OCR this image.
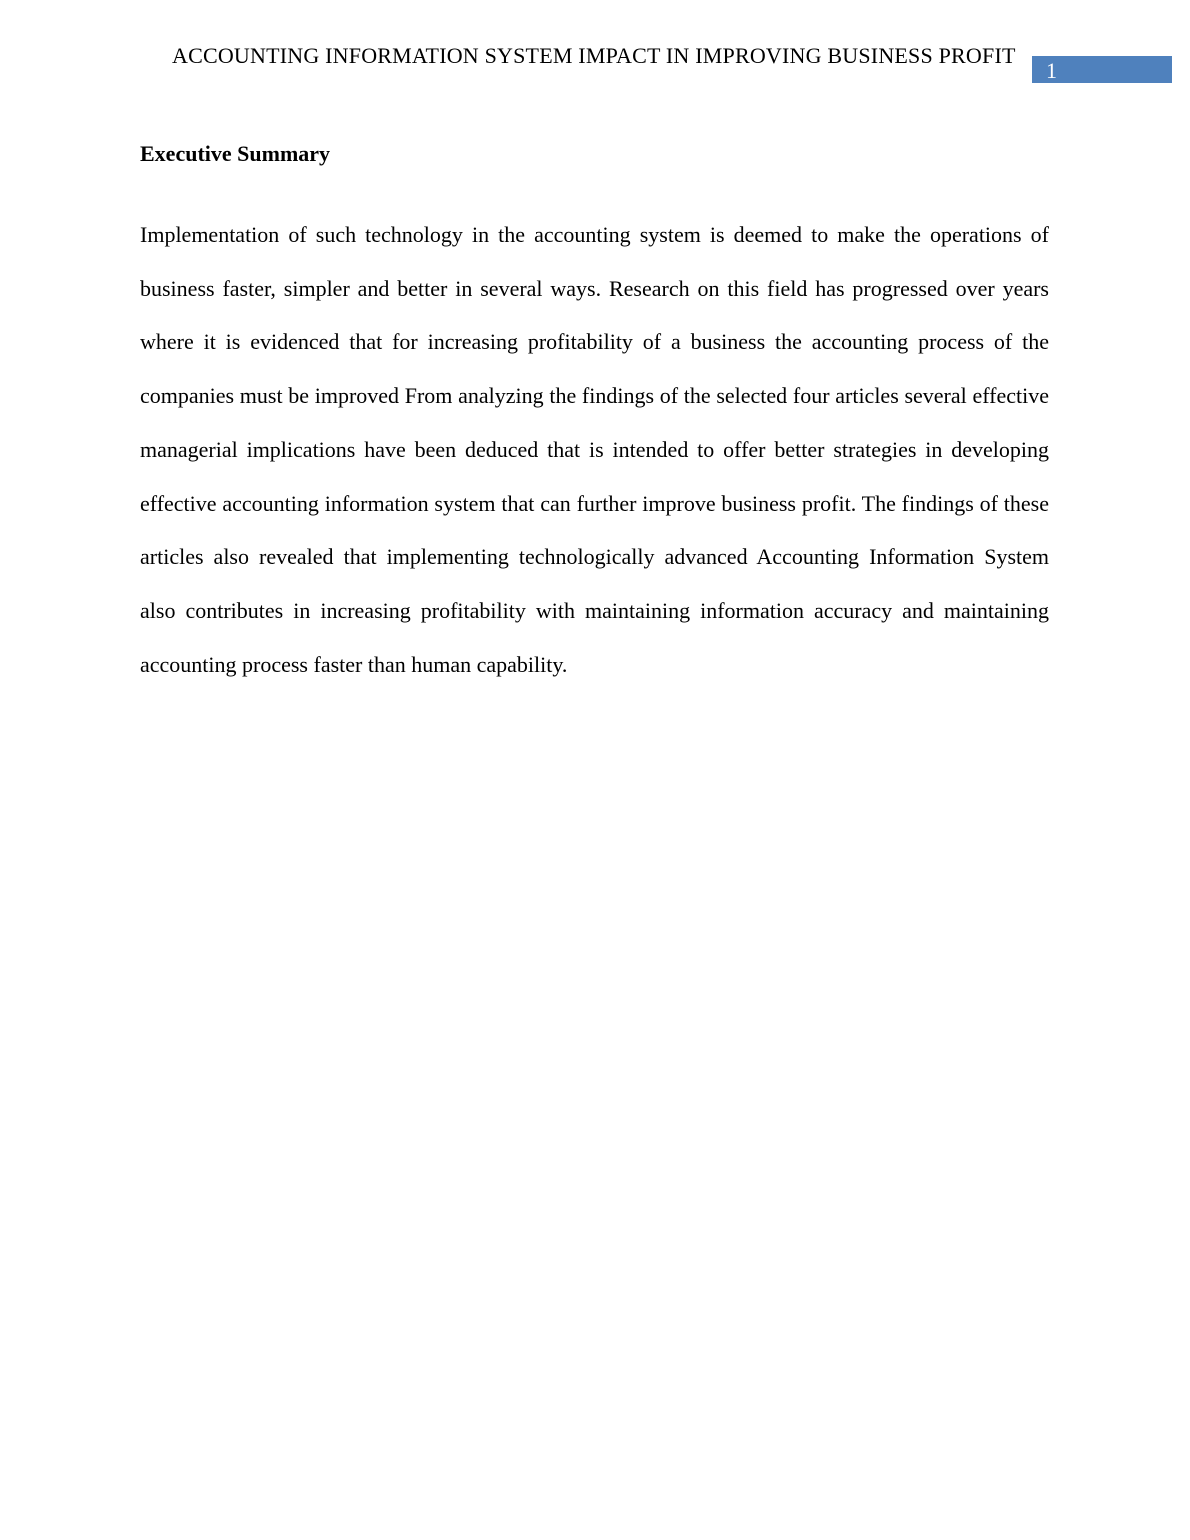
1
ACCOUNTING INFORMATION SYSTEM IMPACT IN IMPROVING BUSINESS PROFIT
Executive Summary

Implementation of such technology in the accounting system is deemed to make the operations of business faster, simpler and better in several ways. Research on this field has progressed over years where it is evidenced that for increasing profitability of a business the accounting process of the companies must be improved From analyzing the findings of the selected four articles several effective managerial implications have been deduced that is intended to offer better strategies in developing effective accounting information system that can further improve business profit. The findings of these articles also revealed that implementing technologically advanced Accounting Information System also contributes in increasing profitability with maintaining information accuracy and maintaining accounting process faster than human capability.
